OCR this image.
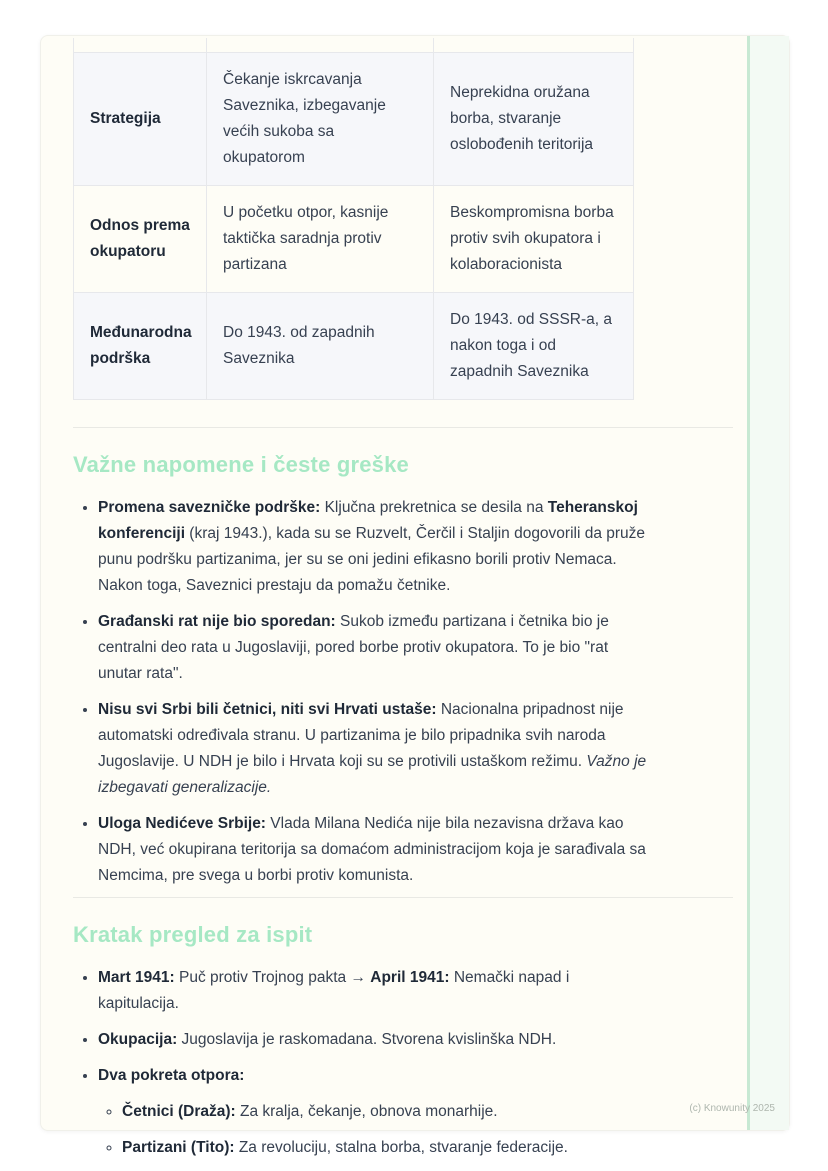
Strategija	Čekanje iskrcavanja Saveznika, izbegavanje većih sukoba sa okupatorom	Neprekidna oružana borba, stvaranje oslobođenih teritorija
Odnos prema okupatoru	U početku otpor, kasnije taktička saradnja protiv partizana	Beskompromisna borba protiv svih okupatora i kolaboracionista
Međunarodna podrška	Do 1943. od zapadnih Saveznika	Do 1943. od SSSR-a, a nakon toga i od zapadnih Saveznika
Važne napomene i česte greške
• Promena savezničke podrške: Ključna prekretnica se desila na Teheranskoj konferenciji (kraj 1943.), kada su se Ruzvelt, Čerčil i Staljin dogovorili da pruže punu podršku partizanima, jer su se oni jedini efikasno borili protiv Nemaca. Nakon toga, Saveznici prestaju da pomažu četnike.
• Građanski rat nije bio sporedan: Sukob između partizana i četnika bio je centralni deo rata u Jugoslaviji, pored borbe protiv okupatora. To je bio "rat unutar rata".
• Nisu svi Srbi bili četnici, niti svi Hrvati ustaše: Nacionalna pripadnost nije automatski određivala stranu. U partizanima je bilo pripadnika svih naroda Jugoslavije. U NDH je bilo i Hrvata koji su se protivili ustaškom režimu. Važno je izbegavati generalizacije.
• Uloga Nedićeve Srbije: Vlada Milana Nedića nije bila nezavisna država kao NDH, već okupirana teritorija sa domaćom administracijom koja je sarađivala sa Nemcima, pre svega u borbi protiv komunista.
Kratak pregled za ispit
• Mart 1941: Puč protiv Trojnog pakta → April 1941: Nemački napad i kapitulacija.
• Okupacija: Jugoslavija je raskomadana. Stvorena kvislinška NDH.
• Dva pokreta otpora:
◦ Četnici (Draža): Za kralja, čekanje, obnova monarhije.
◦ Partizani (Tito): Za revoluciju, stalna borba, stvaranje federacije.
(c) Knowunity 2025
